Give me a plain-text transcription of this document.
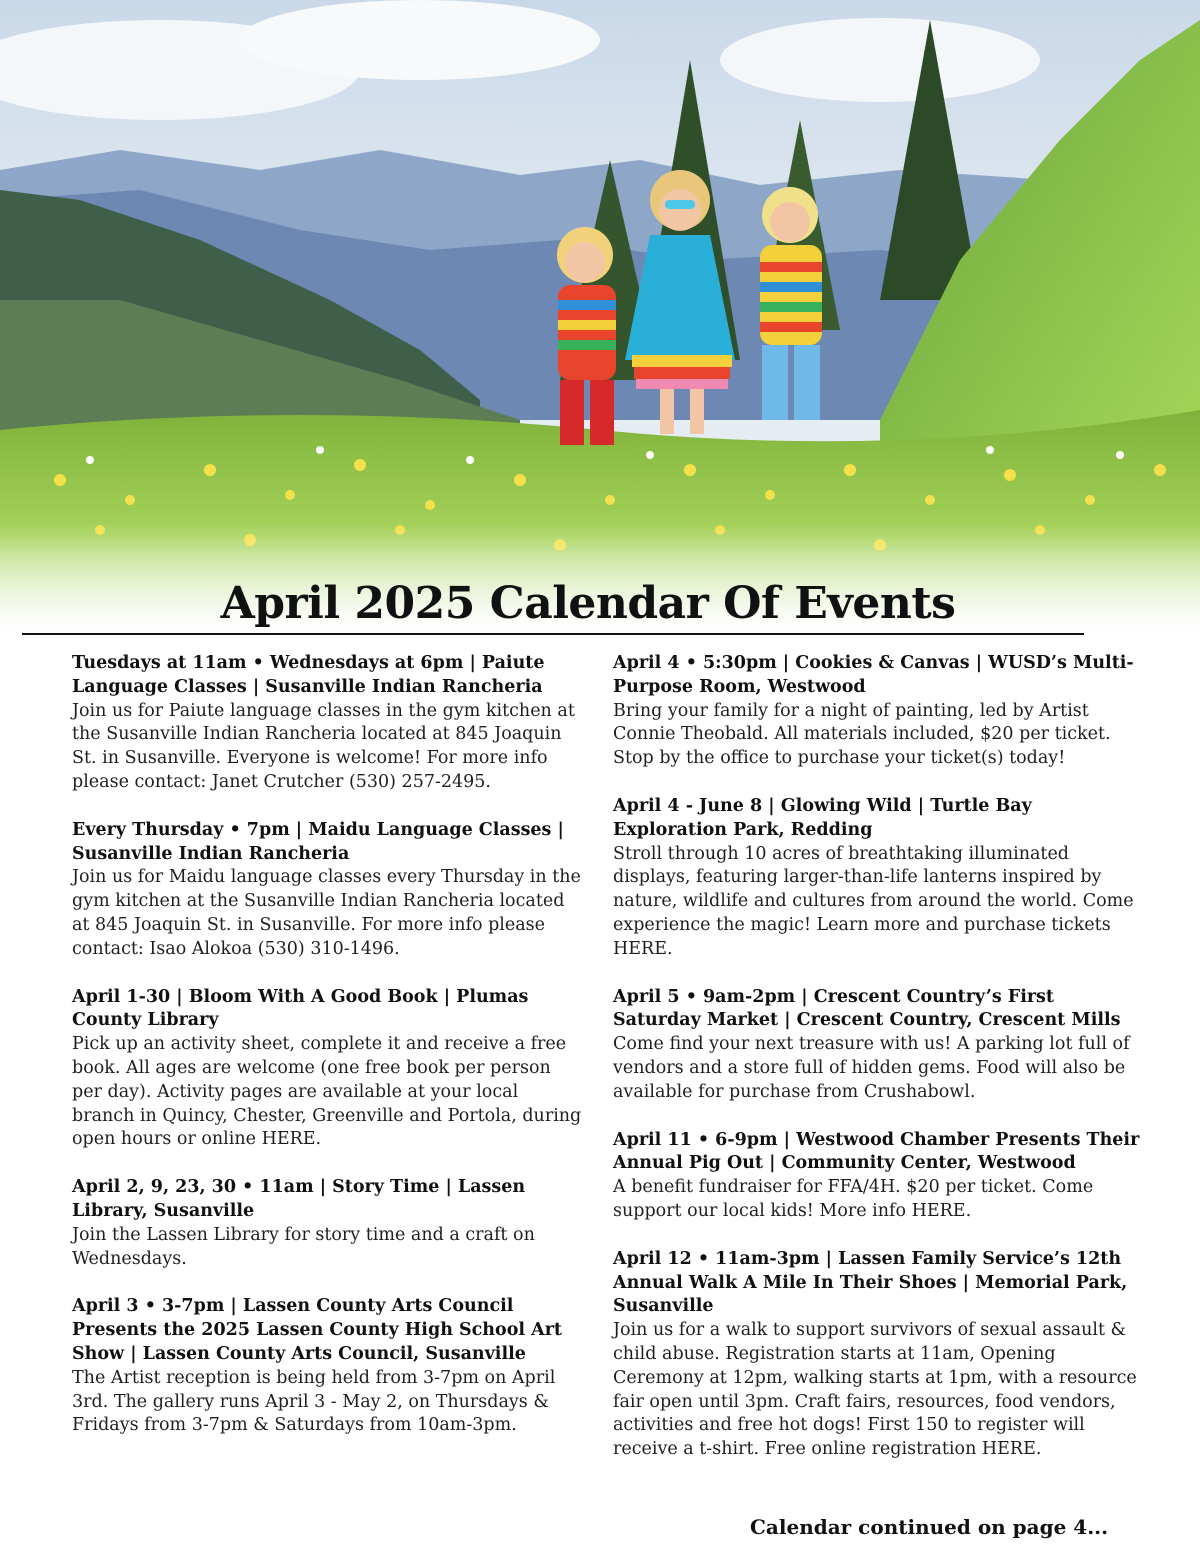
April 2025 Calendar Of Events
Tuesdays at 11am • Wednesdays at 6pm | Paiute Language Classes | Susanville Indian Rancheria
Join us for Paiute language classes in the gym kitchen at the Susanville Indian Rancheria located at 845 Joaquin St. in Susanville. Everyone is welcome! For more info please contact: Janet Crutcher (530) 257-2495.
Every Thursday • 7pm | Maidu Language Classes | Susanville Indian Rancheria
Join us for Maidu language classes every Thursday in the gym kitchen at the Susanville Indian Rancheria located at 845 Joaquin St. in Susanville. For more info please contact: Isao Alokoa (530) 310-1496.
April 1-30 | Bloom With A Good Book | Plumas County Library
Pick up an activity sheet, complete it and receive a free book. All ages are welcome (one free book per person per day). Activity pages are available at your local branch in Quincy, Chester, Greenville and Portola, during open hours or online HERE.
April 2, 9, 23, 30 • 11am | Story Time | Lassen Library, Susanville
Join the Lassen Library for story time and a craft on Wednesdays.
April 3 • 3-7pm | Lassen County Arts Council Presents the 2025 Lassen County High School Art Show | Lassen County Arts Council, Susanville
The Artist reception is being held from 3-7pm on April 3rd. The gallery runs April 3 - May 2, on Thursdays & Fridays from 3-7pm & Saturdays from 10am-3pm.
April 4 • 5:30pm | Cookies & Canvas | WUSD’s Multi-Purpose Room, Westwood
Bring your family for a night of painting, led by Artist Connie Theobald. All materials included, $20 per ticket. Stop by the office to purchase your ticket(s) today!
April 4 - June 8 | Glowing Wild | Turtle Bay Exploration Park, Redding
Stroll through 10 acres of breathtaking illuminated displays, featuring larger-than-life lanterns inspired by nature, wildlife and cultures from around the world. Come experience the magic! Learn more and purchase tickets HERE.
April 5 • 9am-2pm | Crescent Country’s First Saturday Market | Crescent Country, Crescent Mills
Come find your next treasure with us! A parking lot full of vendors and a store full of hidden gems. Food will also be available for purchase from Crushabowl.
April 11 • 6-9pm | Westwood Chamber Presents Their Annual Pig Out | Community Center, Westwood
A benefit fundraiser for FFA/4H. $20 per ticket. Come support our local kids! More info HERE.
April 12 • 11am-3pm | Lassen Family Service’s 12th Annual Walk A Mile In Their Shoes | Memorial Park, Susanville
Join us for a walk to support survivors of sexual assault & child abuse. Registration starts at 11am, Opening Ceremony at 12pm, walking starts at 1pm, with a resource fair open until 3pm. Craft fairs, resources, food vendors, activities and free hot dogs! First 150 to register will receive a t-shirt. Free online registration HERE.

Calendar continued on page 4...
